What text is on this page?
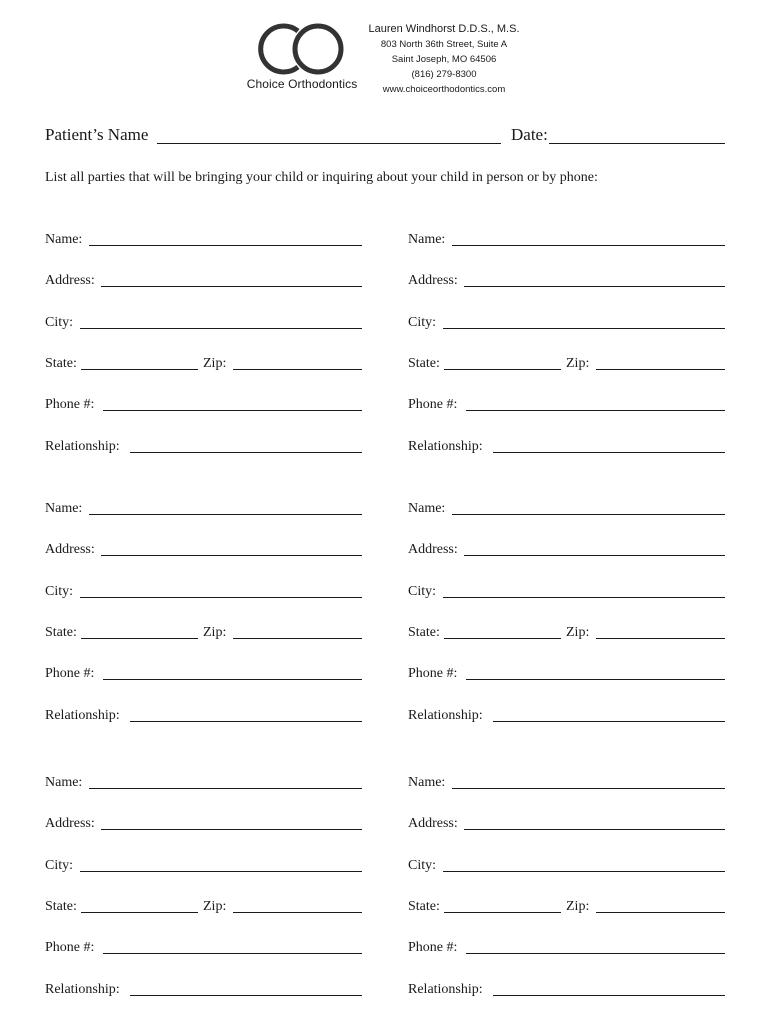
Choice Orthodontics
Lauren Windhorst D.D.S., M.S.
803 North 36th Street, Suite A
Saint Joseph, MO 64506
(816) 279-8300
www.choiceorthodontics.com
Patient’s Name	Date:
List all parties that will be bringing your child or inquiring about your child in person or by phone:
Name:
Address:
City:
State:	Zip:
Phone #:
Relationship:
Name:
Address:
City:
State:	Zip:
Phone #:
Relationship:
Name:
Address:
City:
State:	Zip:
Phone #:
Relationship:
Name:
Address:
City:
State:	Zip:
Phone #:
Relationship:
Name:
Address:
City:
State:	Zip:
Phone #:
Relationship:
Name:
Address:
City:
State:	Zip:
Phone #:
Relationship:
